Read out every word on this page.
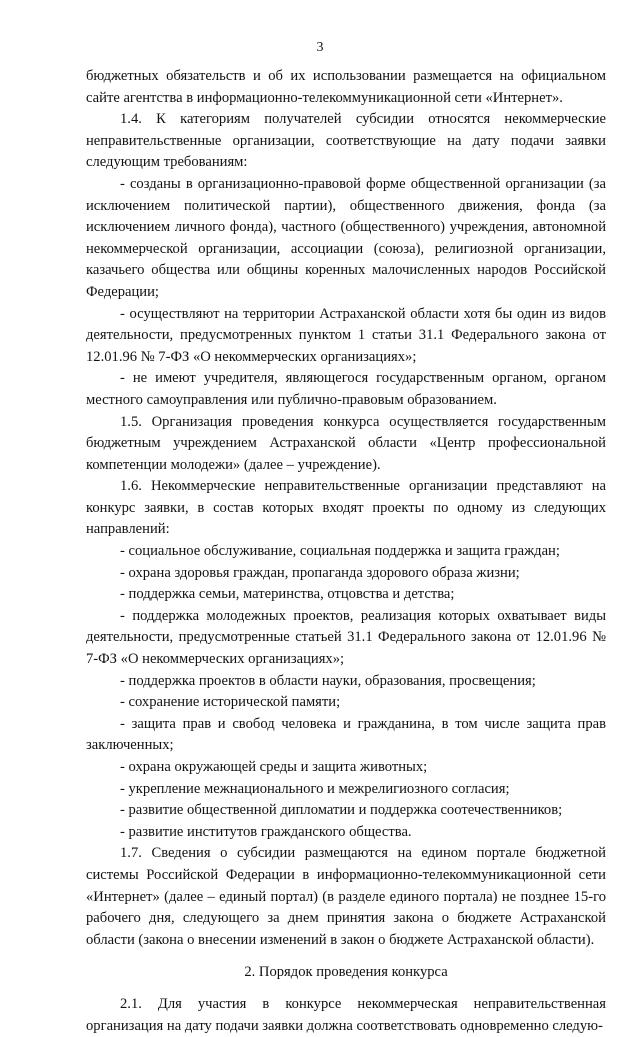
3

бюджетных обязательств и об их использовании размещается на официальном сайте агентства в информационно-телекоммуникационной сети «Интернет».

1.4. К категориям получателей субсидии относятся некоммерческие неправительственные организации, соответствующие на дату подачи заявки следующим требованиям:

- созданы в организационно-правовой форме общественной организации (за исключением политической партии), общественного движения, фонда (за исключением личного фонда), частного (общественного) учреждения, автономной некоммерческой организации, ассоциации (союза), религиозной организации, казачьего общества или общины коренных малочисленных народов Российской Федерации;

- осуществляют на территории Астраханской области хотя бы один из видов деятельности, предусмотренных пунктом 1 статьи 31.1 Федерального закона от 12.01.96 № 7-ФЗ «О некоммерческих организациях»;

- не имеют учредителя, являющегося государственным органом, органом местного самоуправления или публично-правовым образованием.

1.5. Организация проведения конкурса осуществляется государственным бюджетным учреждением Астраханской области «Центр профессиональной компетенции молодежи» (далее – учреждение).

1.6. Некоммерческие неправительственные организации представляют на конкурс заявки, в состав которых входят проекты по одному из следующих направлений:

- социальное обслуживание, социальная поддержка и защита граждан;

- охрана здоровья граждан, пропаганда здорового образа жизни;

- поддержка семьи, материнства, отцовства и детства;

- поддержка молодежных проектов, реализация которых охватывает виды деятельности, предусмотренные статьей 31.1 Федерального закона от 12.01.96 № 7-ФЗ «О некоммерческих организациях»;

- поддержка проектов в области науки, образования, просвещения;

- сохранение исторической памяти;

- защита прав и свобод человека и гражданина, в том числе защита прав заключенных;

- охрана окружающей среды и защита животных;

- укрепление межнационального и межрелигиозного согласия;

- развитие общественной дипломатии и поддержка соотечественников;

- развитие институтов гражданского общества.

1.7. Сведения о субсидии размещаются на едином портале бюджетной системы Российской Федерации в информационно-телекоммуникационной сети «Интернет» (далее – единый портал) (в разделе единого портала) не позднее 15-го рабочего дня, следующего за днем принятия закона о бюджете Астраханской области (закона о внесении изменений в закон о бюджете Астраханской области).

2. Порядок проведения конкурса

2.1. Для участия в конкурсе некоммерческая неправительственная организация на дату подачи заявки должна соответствовать одновременно следую-
